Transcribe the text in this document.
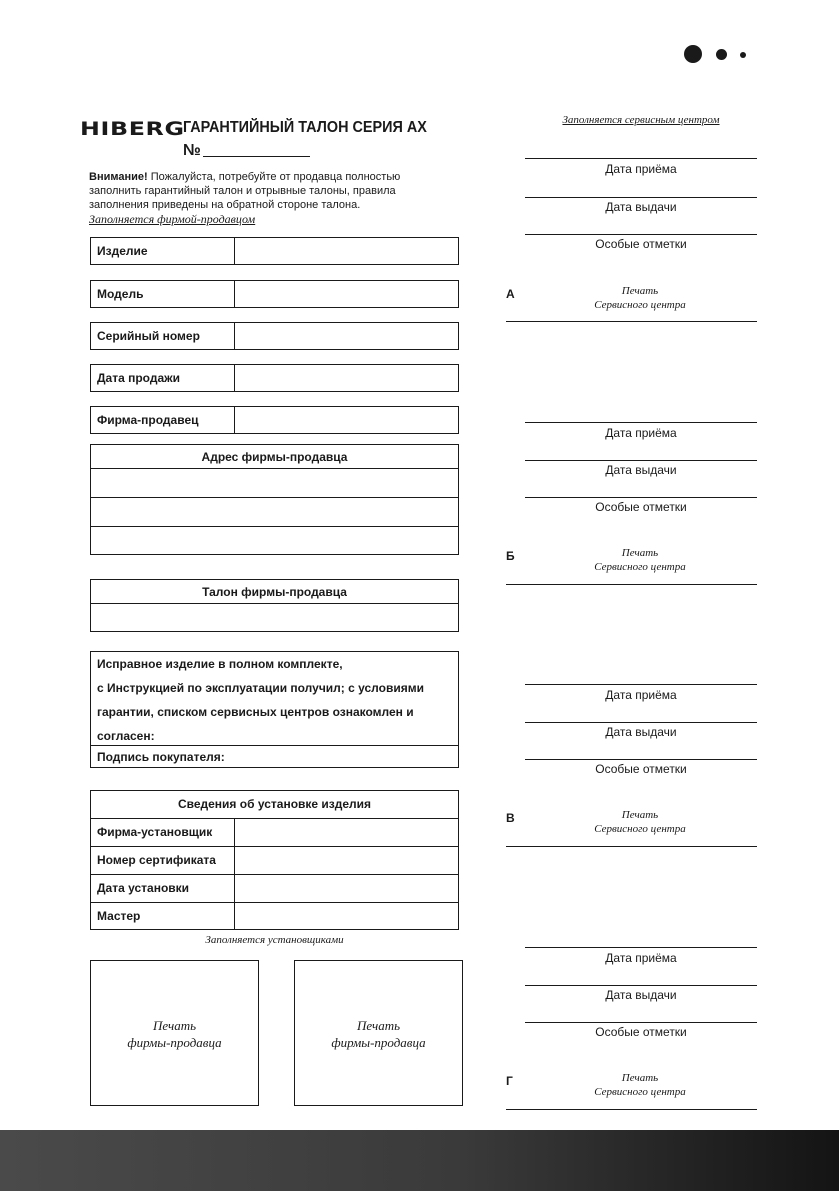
HIBERG
ГАРАНТИЙНЫЙ ТАЛОН СЕРИЯ АХ
№
Внимание! Пожалуйста, потребуйте от продавца полностью заполнить гарантийный талон и отрывные талоны, правила заполнения приведены на обратной стороне талона.
Заполняется фирмой-продавцом
Изделие
Модель
Серийный номер
Дата продажи
Фирма-продавец
Адрес фирмы-продавца
Талон фирмы-продавца
Исправное изделие в полном комплекте,
с Инструкцией по эксплуатации получил; с условиями
гарантии, списком сервисных центров ознакомлен и
согласен:
Подпись покупателя:
Сведения об установке изделия
Фирма-установщик
Номер сертификата
Дата установки
Мастер
Заполняется установщиками
Печать
фирмы-продавца
Печать
фирмы-продавца
Заполняется сервисным центром
Дата приёма
Дата выдачи
Особые отметки
А	Печать
Сервисного центра
Дата приёма
Дата выдачи
Особые отметки
Б	Печать
Сервисного центра
Дата приёма
Дата выдачи
Особые отметки
В	Печать
Сервисного центра
Дата приёма
Дата выдачи
Особые отметки
Г	Печать
Сервисного центра
